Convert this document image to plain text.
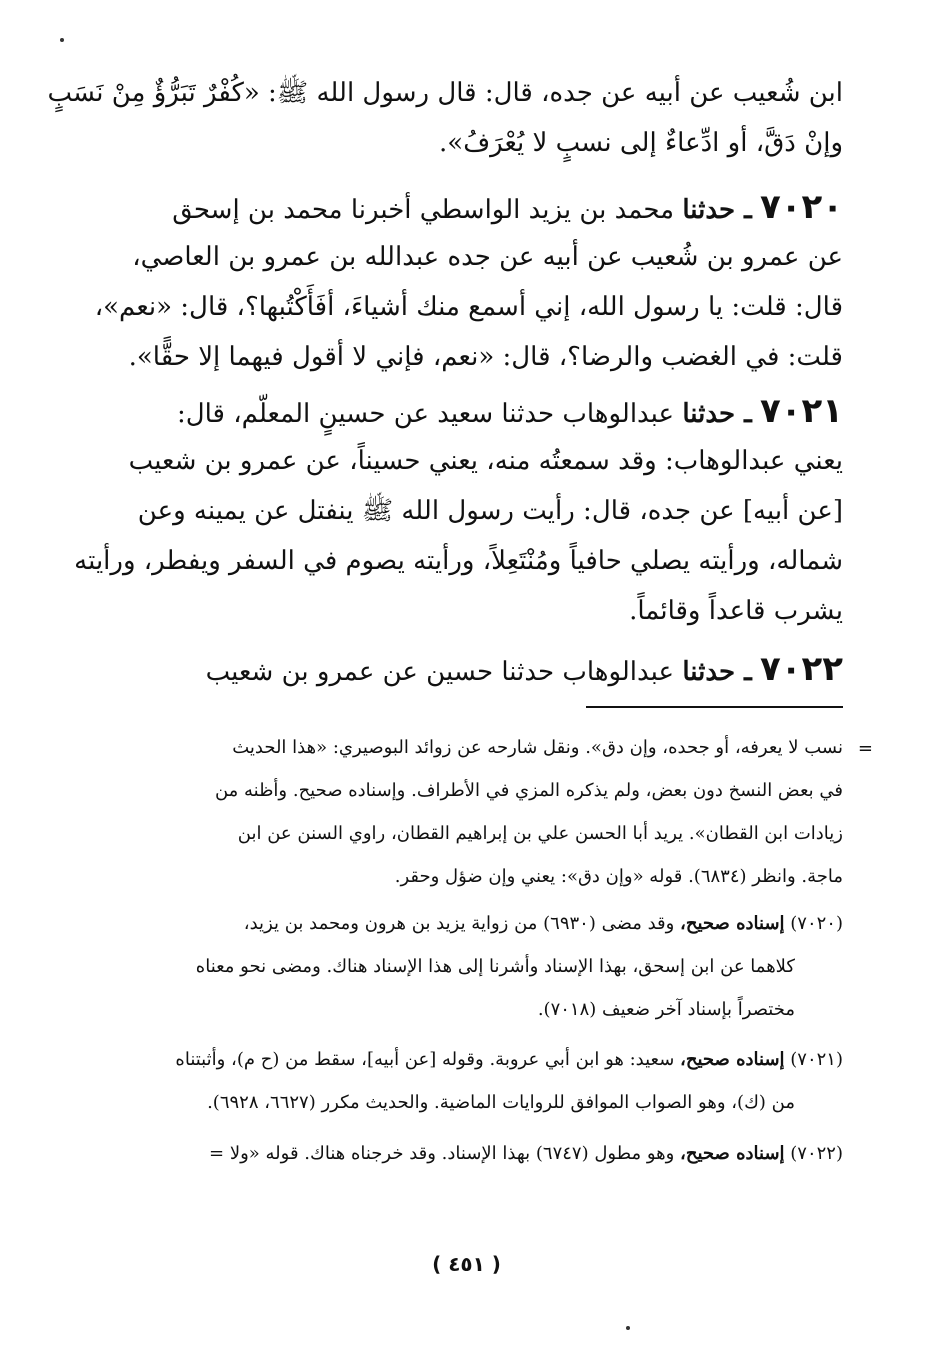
ابن شُعيب عن أبيه عن جده، قال: قال رسول الله ﷺ: «كُفْرٌ تَبَرُّؤٌ مِنْ نَسَبٍ
وإنْ دَقَّ، أو ادِّعاءٌ إلى نسبٍ لا يُعْرَفُ».
٧٠٢٠ ـ حدثنا محمد بن يزيد الواسطي أخبرنا محمد بن إسحق
عن عمرو بن شُعيب عن أبيه عن جده عبدالله بن عمرو بن العاصي،
قال: قلت: يا رسول الله، إني أسمع منك أشياءَ، أفَأَكْتُبها؟، قال: «نعم»،
قلت: في الغضب والرضا؟، قال: «نعم، فإني لا أقول فيهما إلا حقًّا».
٧٠٢١ ـ حدثنا عبدالوهاب حدثنا سعيد عن حسينٍ المعلّم، قال:
يعني عبدالوهاب: وقد سمعتُه منه، يعني حسيناً، عن عمرو بن شعيب
[عن أبيه] عن جده، قال: رأيت رسول الله ﷺ ينفتل عن يمينه وعن
شماله، ورأيته يصلي حافياً ومُنْتَعِلاً، ورأيته يصوم في السفر ويفطر، ورأيته
يشرب قاعداً وقائماً.
٧٠٢٢ ـ حدثنا عبدالوهاب حدثنا حسين عن عمرو بن شعيب
=
نسب لا يعرفه، أو جحده، وإن دق». ونقل شارحه عن زوائد البوصيري: «هذا الحديث
في بعض النسخ دون بعض، ولم يذكره المزي في الأطراف. وإسناده صحيح. وأظنه من
زيادات ابن القطان». يريد أبا الحسن علي بن إبراهيم القطان، راوي السنن عن ابن
ماجة. وانظر (٦٨٣٤). قوله «وإن دق»: يعني وإن ضؤل وحقر.
(٧٠٢٠) إسناده صحيح، وقد مضى (٦٩٣٠) من زواية يزيد بن هرون ومحمد بن يزيد،
كلاهما عن ابن إسحق، بهذا الإسناد وأشرنا إلى هذا الإسناد هناك. ومضى نحو معناه
مختصراً بإسناد آخر ضعيف (٧٠١٨).
(٧٠٢١) إسناده صحيح، سعيد: هو ابن أبي عروبة. وقوله [عن أبيه]، سقط من (ح م)، وأثبتناه
من (ك)، وهو الصواب الموافق للروايات الماضية. والحديث مكرر (٦٦٢٧، ٦٩٢٨).
(٧٠٢٢) إسناده صحيح، وهو مطول (٦٧٤٧) بهذا الإسناد. وقد خرجناه هناك. قوله «ولا =
( ٤٥١ )
